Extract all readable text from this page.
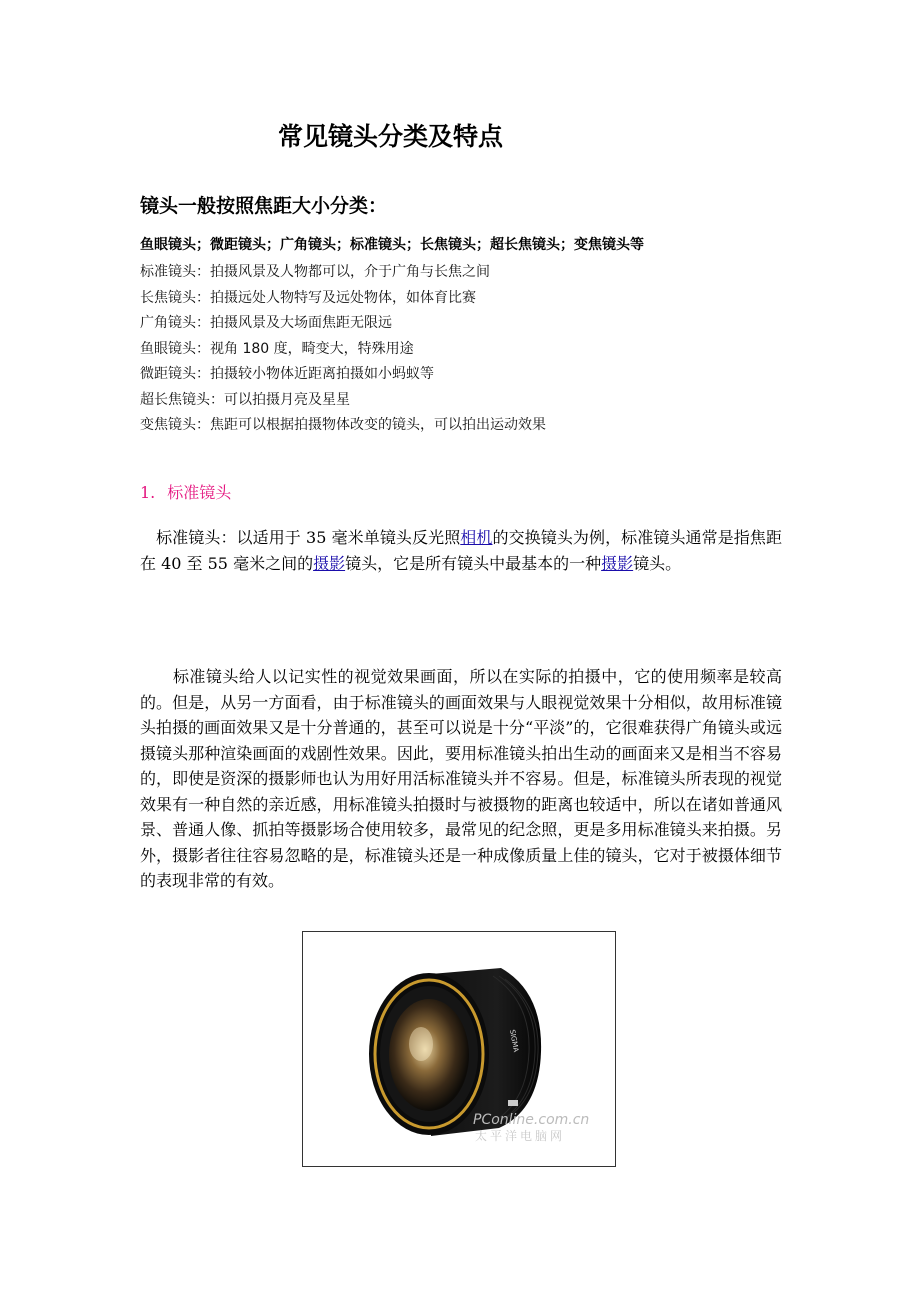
常见镜头分类及特点
镜头一般按照焦距大小分类：

鱼眼镜头；微距镜头；广角镜头；标准镜头；长焦镜头；超长焦镜头；变焦镜头等

标准镜头：拍摄风景及人物都可以，介于广角与长焦之间
长焦镜头：拍摄远处人物特写及远处物体，如体育比赛
广角镜头：拍摄风景及大场面焦距无限远
鱼眼镜头：视角 180 度，畸变大，特殊用途
微距镜头：拍摄较小物体近距离拍摄如小蚂蚁等
超长焦镜头：可以拍摄月亮及星星
变焦镜头：焦距可以根据拍摄物体改变的镜头，可以拍出运动效果
1. 标准镜头

　标准镜头：以适用于 35 毫米单镜头反光照相机的交换镜头为例，标准镜头通常是指焦距在 40 至 55 毫米之间的摄影镜头，它是所有镜头中最基本的一种摄影镜头。

　　标准镜头给人以记实性的视觉效果画面，所以在实际的拍摄中，它的使用频率是较高的。但是，从另一方面看，由于标准镜头的画面效果与人眼视觉效果十分相似，故用标准镜头拍摄的画面效果又是十分普通的，甚至可以说是十分“平淡”的，它很难获得广角镜头或远摄镜头那种渲染画面的戏剧性效果。因此，要用标准镜头拍出生动的画面来又是相当不容易的，即使是资深的摄影师也认为用好用活标准镜头并不容易。但是，标准镜头所表现的视觉效果有一种自然的亲近感，用标准镜头拍摄时与被摄物的距离也较适中，所以在诸如普通风景、普通人像、抓拍等摄影场合使用较多，最常见的纪念照，更是多用标准镜头来拍摄。另外，摄影者往往容易忽略的是，标准镜头还是一种成像质量上佳的镜头，它对于被摄体细节的表现非常的有效。

SIGMA
PConline.com.cn
太平洋电脑网
